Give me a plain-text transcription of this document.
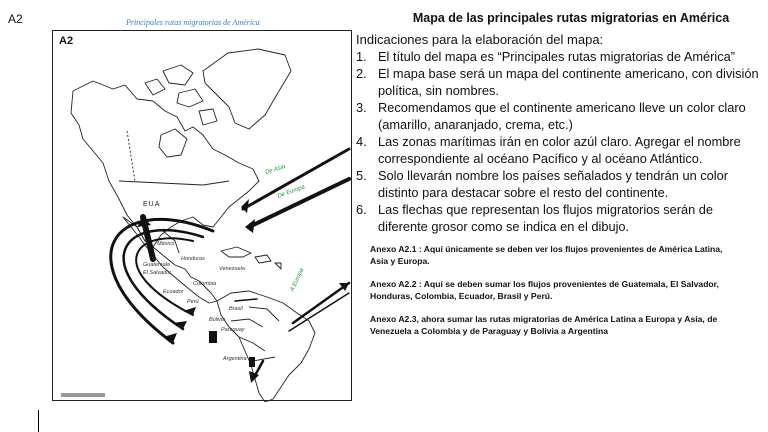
A2	Principales rutas migratorias de América
A2
EUA
México
Guatemala
El Salvador
Honduras
Venezuela
Colombia
Ecuador
Perú
Brasil
Bolivia
Paraguay
Argentina
De Asia
De Europa
A Europa
Mapa de las principales rutas migratorias en América
Indicaciones para la elaboración del mapa:
1. El título del mapa es “Principales rutas migratorias de América”
2. El mapa base será un mapa del continente americano, con división política, sin nombres.
3. Recomendamos que el continente americano lleve un color claro (amarillo, anaranjado, crema, etc.)
4. Las zonas marítimas irán en color azúl claro. Agregar el nombre correspondiente al océano Pacífico y al océano Atlántico.
5. Solo llevarán nombre los países señalados y tendrán un color distinto para destacar sobre el resto del continente.
6. Las flechas que representan los flujos migratorios serán de diferente grosor como se indica en el dibujo.
Anexo A2.1 : Aquí únicamente se deben ver los flujos provenientes de América Latina, Asia y Europa.
Anexo A2.2 : Aquí se deben sumar los flujos provenientes de Guatemala, El Salvador, Honduras, Colombia, Ecuador, Brasil y Perú.
Anexo A2.3, ahora sumar las rutas migratorias de América Latina a Europa y Asia, de Venezuela a Colombia y de Paraguay y Bolivia a Argentina
